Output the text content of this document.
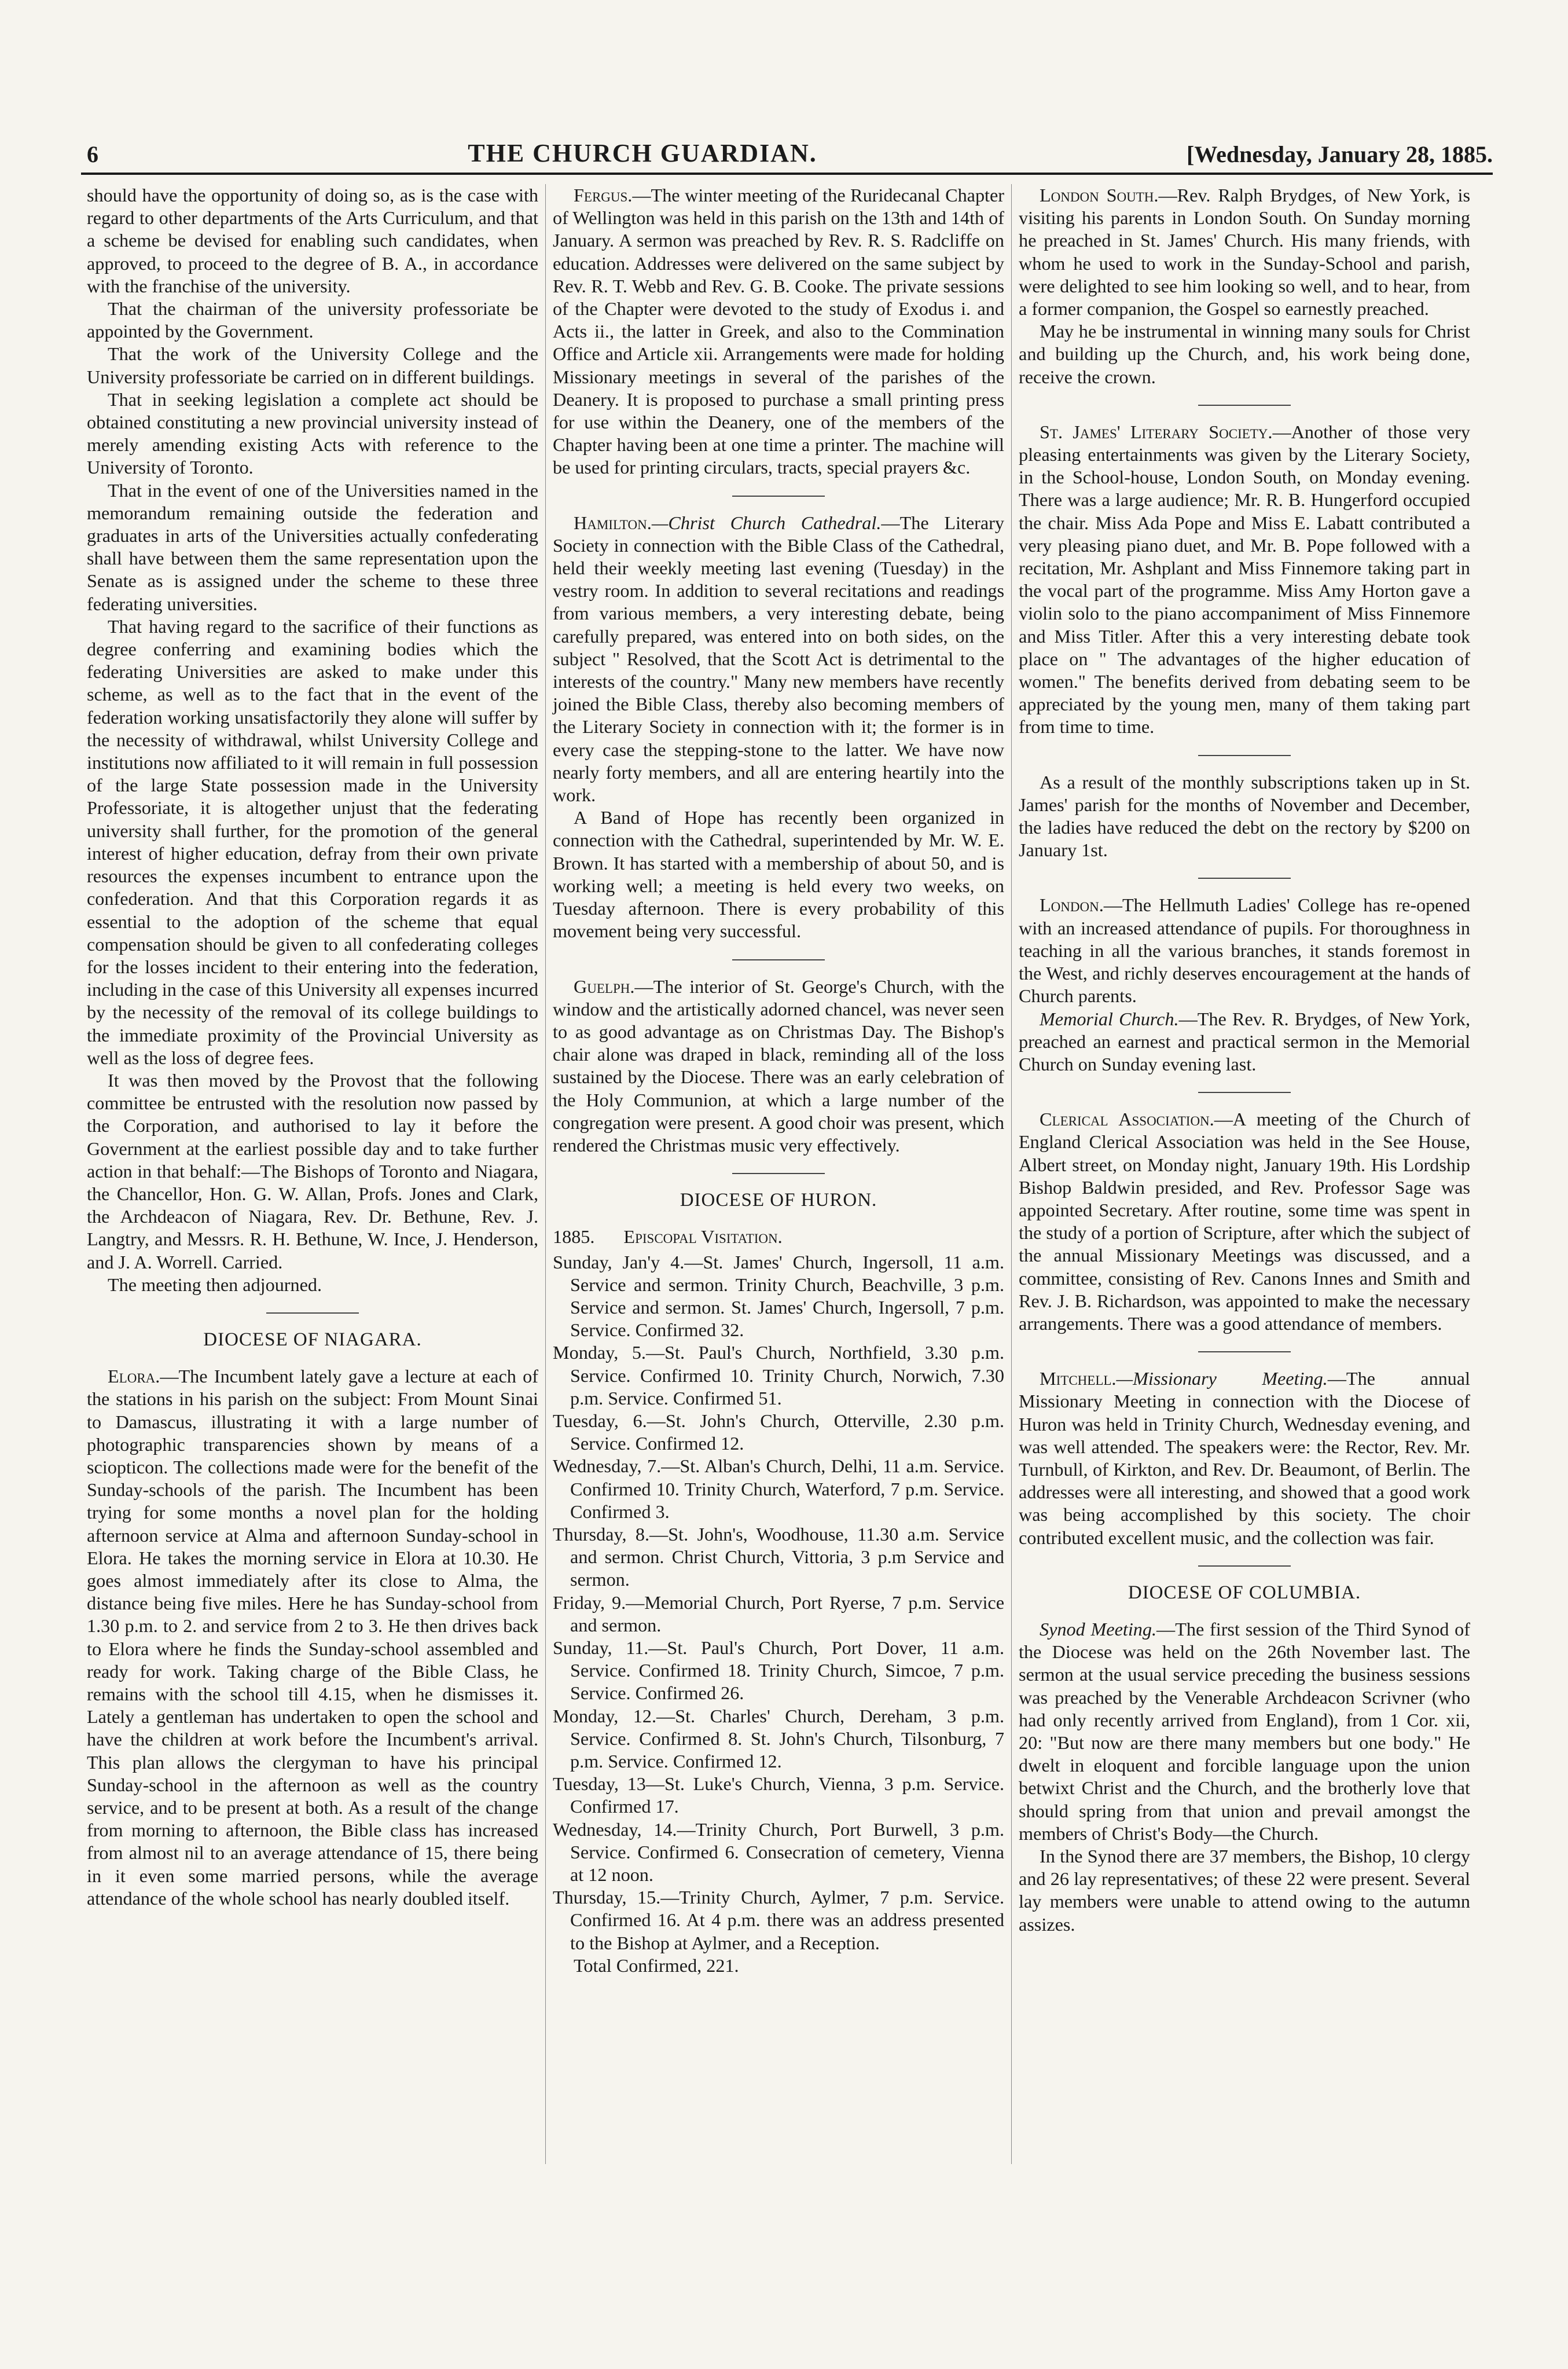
6	THE CHURCH GUARDIAN.	[Wednesday, January 28, 1885.

should have the opportunity of doing so, as is the case with regard to other departments of the Arts Curriculum, and that a scheme be devised for enabling such candidates, when approved, to proceed to the degree of B. A., in accordance with the franchise of the university.

That the chairman of the university professoriate be appointed by the Government.

That the work of the University College and the University professoriate be carried on in different buildings.

That in seeking legislation a complete act should be obtained constituting a new provincial university instead of merely amending existing Acts with reference to the University of Toronto.

That in the event of one of the Universities named in the memorandum remaining outside the federation and graduates in arts of the Universities actually confederating shall have between them the same representation upon the Senate as is assigned under the scheme to these three federating universities.

That having regard to the sacrifice of their functions as degree conferring and examining bodies which the federating Universities are asked to make under this scheme, as well as to the fact that in the event of the federation working unsatisfactorily they alone will suffer by the necessity of withdrawal, whilst University College and institutions now affiliated to it will remain in full possession of the large State possession made in the University Professoriate, it is altogether unjust that the federating university shall further, for the promotion of the general interest of higher education, defray from their own private resources the expenses incumbent to entrance upon the confederation. And that this Corporation regards it as essential to the adoption of the scheme that equal compensation should be given to all confederating colleges for the losses incident to their entering into the federation, including in the case of this University all expenses incurred by the necessity of the removal of its college buildings to the immediate proximity of the Provincial University as well as the loss of degree fees.

It was then moved by the Provost that the following committee be entrusted with the resolution now passed by the Corporation, and authorised to lay it before the Government at the earliest possible day and to take further action in that behalf:—The Bishops of Toronto and Niagara, the Chancellor, Hon. G. W. Allan, Profs. Jones and Clark, the Archdeacon of Niagara, Rev. Dr. Bethune, Rev. J. Langtry, and Messrs. R. H. Bethune, W. Ince, J. Henderson, and J. A. Worrell. Carried.

The meeting then adjourned.

DIOCESE OF NIAGARA.

Elora.—The Incumbent lately gave a lecture at each of the stations in his parish on the subject: From Mount Sinai to Damascus, illustrating it with a large number of photographic transparencies shown by means of a sciopticon. The collections made were for the benefit of the Sunday-schools of the parish. The Incumbent has been trying for some months a novel plan for the holding afternoon service at Alma and afternoon Sunday-school in Elora. He takes the morning service in Elora at 10.30. He goes almost immediately after its close to Alma, the distance being five miles. Here he has Sunday-school from 1.30 p.m. to 2. and service from 2 to 3. He then drives back to Elora where he finds the Sunday-school assembled and ready for work. Taking charge of the Bible Class, he remains with the school till 4.15, when he dismisses it. Lately a gentleman has undertaken to open the school and have the children at work before the Incumbent's arrival. This plan allows the clergyman to have his principal Sunday-school in the afternoon as well as the country service, and to be present at both. As a result of the change from morning to afternoon, the Bible class has increased from almost nil to an average attendance of 15, there being in it even some married persons, while the average attendance of the whole school has nearly doubled itself.

Fergus.—The winter meeting of the Ruridecanal Chapter of Wellington was held in this parish on the 13th and 14th of January. A sermon was preached by Rev. R. S. Radcliffe on education. Addresses were delivered on the same subject by Rev. R. T. Webb and Rev. G. B. Cooke. The private sessions of the Chapter were devoted to the study of Exodus i. and Acts ii., the latter in Greek, and also to the Commination Office and Article xii. Arrangements were made for holding Missionary meetings in several of the parishes of the Deanery. It is proposed to purchase a small printing press for use within the Deanery, one of the members of the Chapter having been at one time a printer. The machine will be used for printing circulars, tracts, special prayers &c.

Hamilton.—Christ Church Cathedral.—The Literary Society in connection with the Bible Class of the Cathedral, held their weekly meeting last evening (Tuesday) in the vestry room. In addition to several recitations and readings from various members, a very interesting debate, being carefully prepared, was entered into on both sides, on the subject " Resolved, that the Scott Act is detrimental to the interests of the country." Many new members have recently joined the Bible Class, thereby also becoming members of the Literary Society in connection with it; the former is in every case the stepping-stone to the latter. We have now nearly forty members, and all are entering heartily into the work.

A Band of Hope has recently been organized in connection with the Cathedral, superintended by Mr. W. E. Brown. It has started with a membership of about 50, and is working well; a meeting is held every two weeks, on Tuesday afternoon. There is every probability of this movement being very successful.

Guelph.—The interior of St. George's Church, with the window and the artistically adorned chancel, was never seen to as good advantage as on Christmas Day. The Bishop's chair alone was draped in black, reminding all of the loss sustained by the Diocese. There was an early celebration of the Holy Communion, at which a large number of the congregation were present. A good choir was present, which rendered the Christmas music very effectively.

DIOCESE OF HURON.
1885. Episcopal Visitation.

Sunday, Jan'y 4.—St. James' Church, Ingersoll, 11 a.m. Service and sermon. Trinity Church, Beachville, 3 p.m. Service and sermon. St. James' Church, Ingersoll, 7 p.m. Service. Confirmed 32.

Monday, 5.—St. Paul's Church, Northfield, 3.30 p.m. Service. Confirmed 10. Trinity Church, Norwich, 7.30 p.m. Service. Confirmed 51.

Tuesday, 6.—St. John's Church, Otterville, 2.30 p.m. Service. Confirmed 12.

Wednesday, 7.—St. Alban's Church, Delhi, 11 a.m. Service. Confirmed 10. Trinity Church, Waterford, 7 p.m. Service. Confirmed 3.

Thursday, 8.—St. John's, Woodhouse, 11.30 a.m. Service and sermon. Christ Church, Vittoria, 3 p.m Service and sermon.

Friday, 9.—Memorial Church, Port Ryerse, 7 p.m. Service and sermon.

Sunday, 11.—St. Paul's Church, Port Dover, 11 a.m. Service. Confirmed 18. Trinity Church, Simcoe, 7 p.m. Service. Confirmed 26.

Monday, 12.—St. Charles' Church, Dereham, 3 p.m. Service. Confirmed 8. St. John's Church, Tilsonburg, 7 p.m. Service. Confirmed 12.

Tuesday, 13—St. Luke's Church, Vienna, 3 p.m. Service. Confirmed 17.

Wednesday, 14.—Trinity Church, Port Burwell, 3 p.m. Service. Confirmed 6. Consecration of cemetery, Vienna at 12 noon.

Thursday, 15.—Trinity Church, Aylmer, 7 p.m. Service. Confirmed 16. At 4 p.m. there was an address presented to the Bishop at Aylmer, and a Reception.

Total Confirmed, 221.

London South.—Rev. Ralph Brydges, of New York, is visiting his parents in London South. On Sunday morning he preached in St. James' Church. His many friends, with whom he used to work in the Sunday-School and parish, were delighted to see him looking so well, and to hear, from a former companion, the Gospel so earnestly preached.

May he be instrumental in winning many souls for Christ and building up the Church, and, his work being done, receive the crown.

St. James' Literary Society.—Another of those very pleasing entertainments was given by the Literary Society, in the School-house, London South, on Monday evening. There was a large audience; Mr. R. B. Hungerford occupied the chair. Miss Ada Pope and Miss E. Labatt contributed a very pleasing piano duet, and Mr. B. Pope followed with a recitation, Mr. Ashplant and Miss Finnemore taking part in the vocal part of the programme. Miss Amy Horton gave a violin solo to the piano accompaniment of Miss Finnemore and Miss Titler. After this a very interesting debate took place on " The advantages of the higher education of women." The benefits derived from debating seem to be appreciated by the young men, many of them taking part from time to time.

As a result of the monthly subscriptions taken up in St. James' parish for the months of November and December, the ladies have reduced the debt on the rectory by $200 on January 1st.

London.—The Hellmuth Ladies' College has re-opened with an increased attendance of pupils. For thoroughness in teaching in all the various branches, it stands foremost in the West, and richly deserves encouragement at the hands of Church parents.

Memorial Church.—The Rev. R. Brydges, of New York, preached an earnest and practical sermon in the Memorial Church on Sunday evening last.

Clerical Association.—A meeting of the Church of England Clerical Association was held in the See House, Albert street, on Monday night, January 19th. His Lordship Bishop Baldwin presided, and Rev. Professor Sage was appointed Secretary. After routine, some time was spent in the study of a portion of Scripture, after which the subject of the annual Missionary Meetings was discussed, and a committee, consisting of Rev. Canons Innes and Smith and Rev. J. B. Richardson, was appointed to make the necessary arrangements. There was a good attendance of members.

Mitchell.—Missionary Meeting.—The annual Missionary Meeting in connection with the Diocese of Huron was held in Trinity Church, Wednesday evening, and was well attended. The speakers were: the Rector, Rev. Mr. Turnbull, of Kirkton, and Rev. Dr. Beaumont, of Berlin. The addresses were all interesting, and showed that a good work was being accomplished by this society. The choir contributed excellent music, and the collection was fair.

DIOCESE OF COLUMBIA.

Synod Meeting.—The first session of the Third Synod of the Diocese was held on the 26th November last. The sermon at the usual service preceding the business sessions was preached by the Venerable Archdeacon Scrivner (who had only recently arrived from England), from 1 Cor. xii, 20: "But now are there many members but one body." He dwelt in eloquent and forcible language upon the union betwixt Christ and the Church, and the brotherly love that should spring from that union and prevail amongst the members of Christ's Body—the Church.

In the Synod there are 37 members, the Bishop, 10 clergy and 26 lay representatives; of these 22 were present. Several lay members were unable to attend owing to the autumn assizes.
